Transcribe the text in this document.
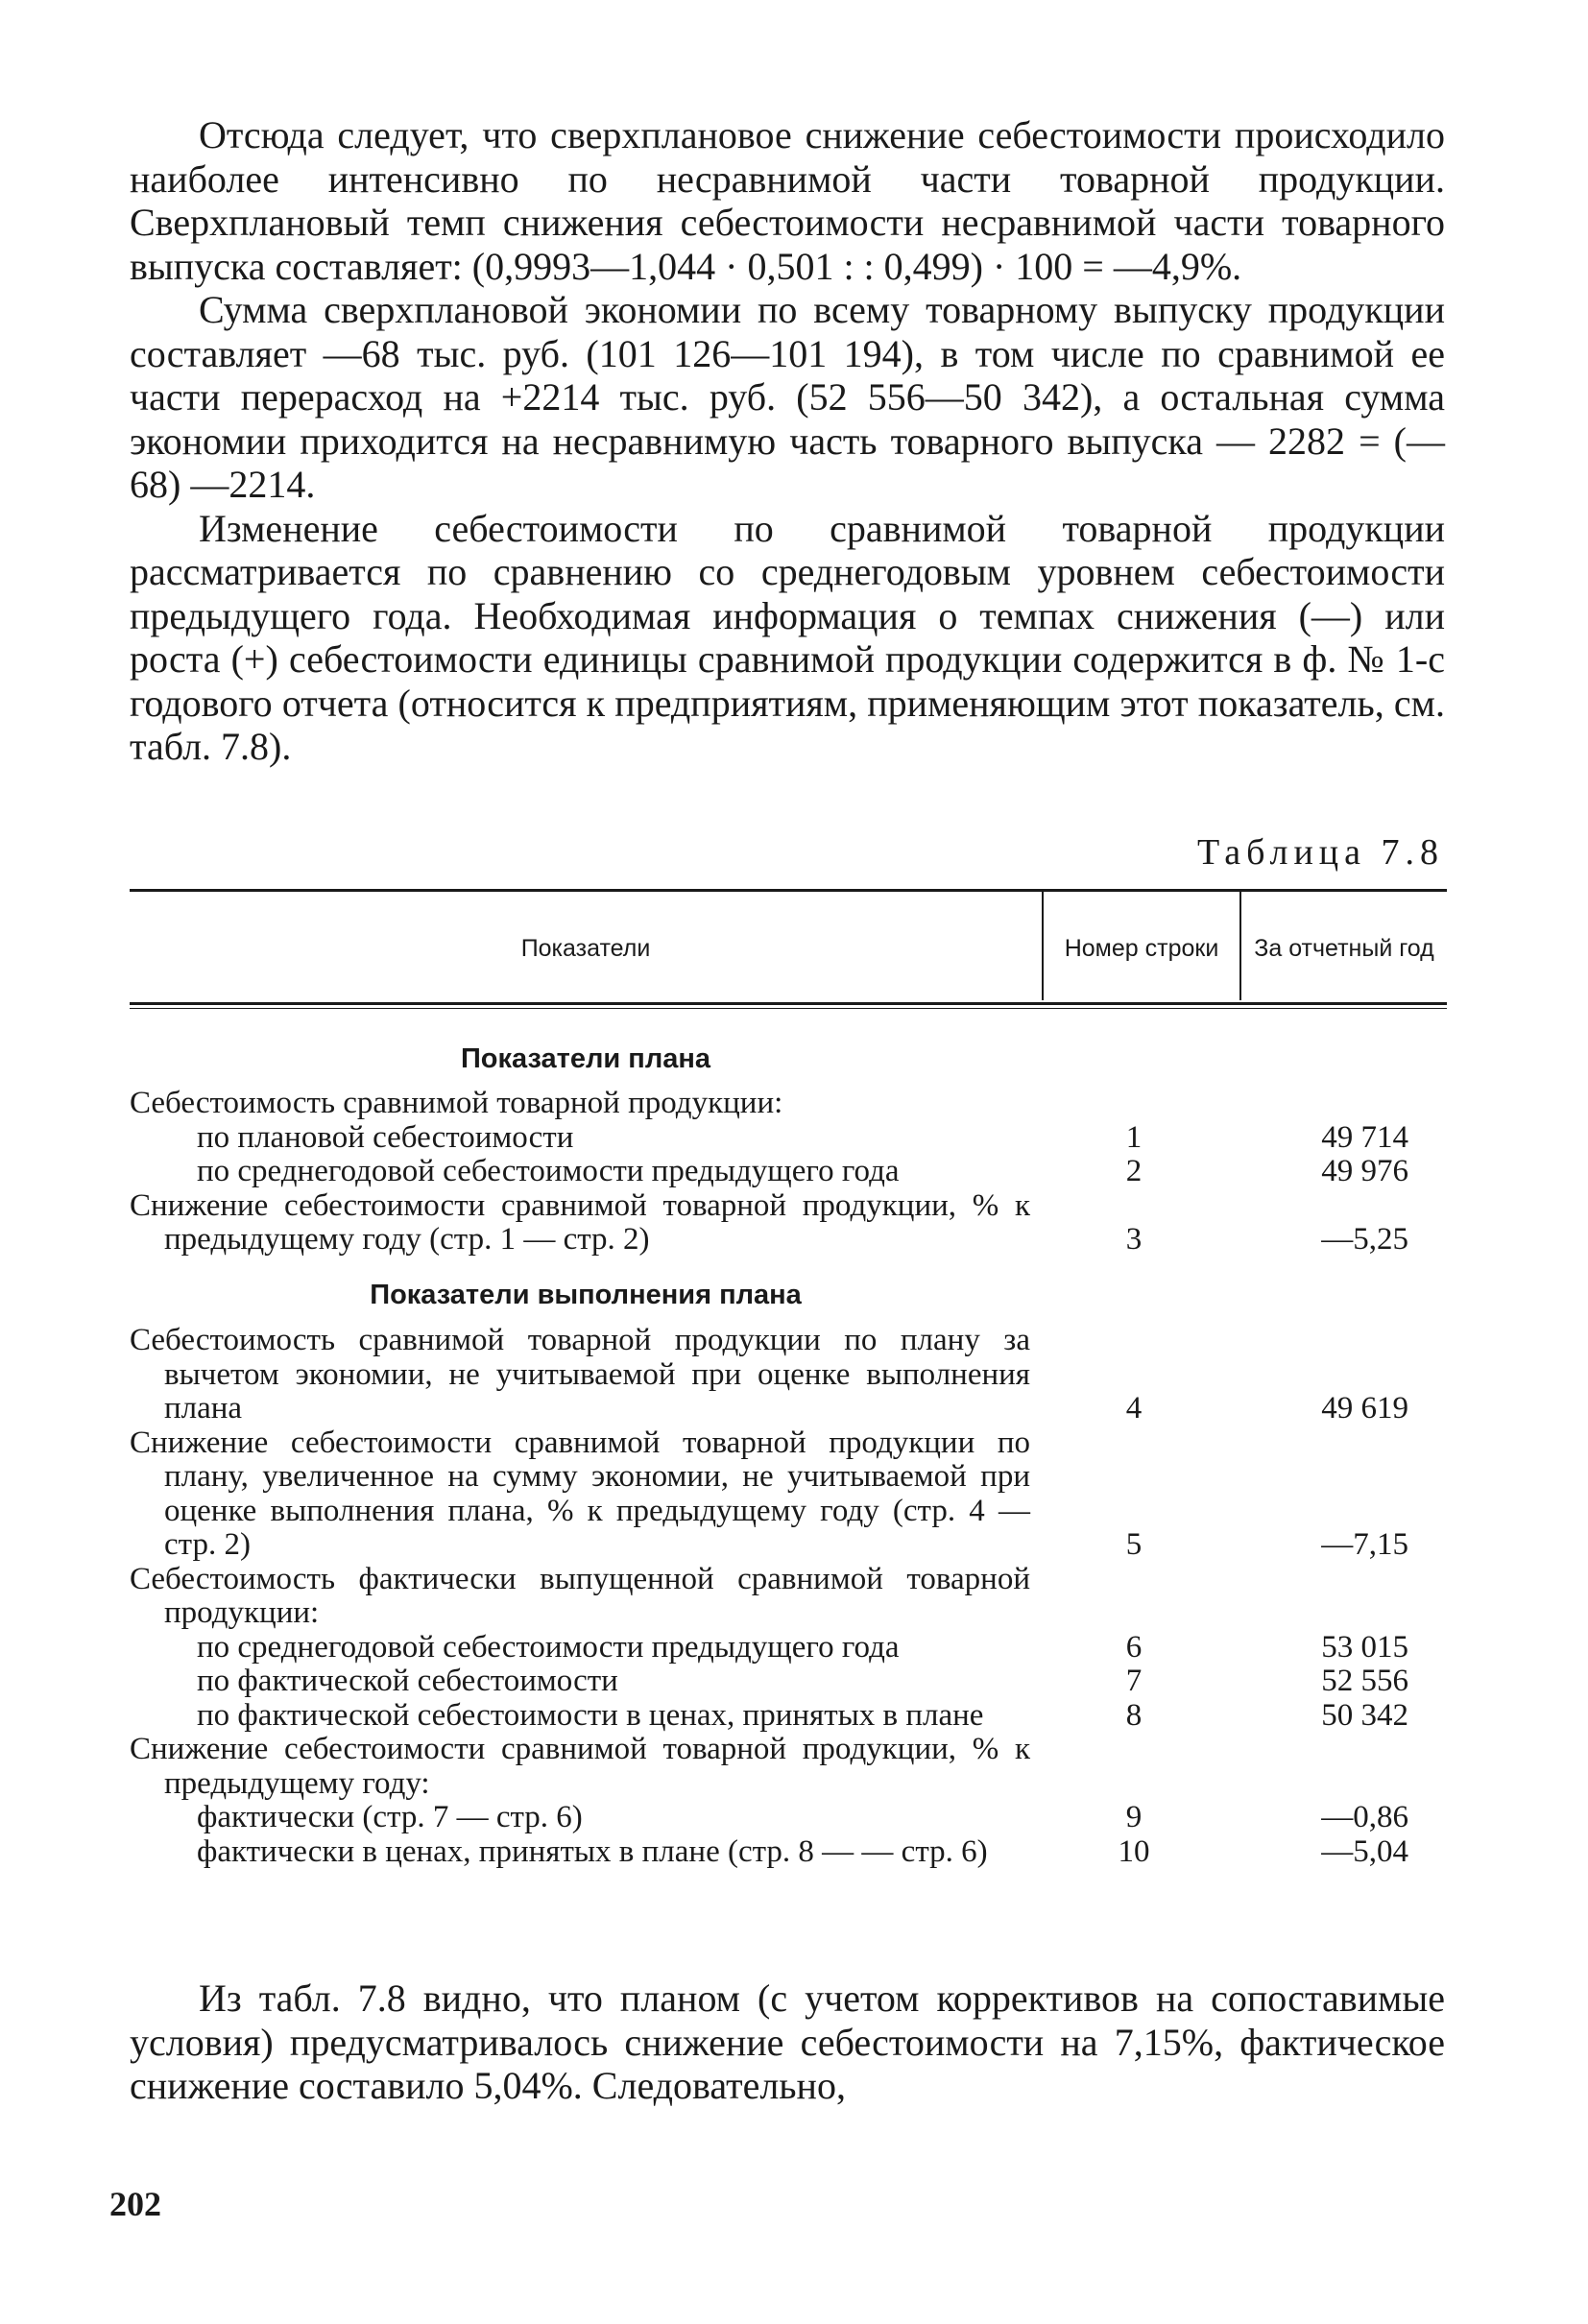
Отсюда следует, что сверхплановое снижение себестоимости происходило наиболее интенсивно по несравнимой части товарной продукции. Сверхплановый темп снижения себестоимости несравнимой части товарного выпуска составляет: (0,9993—1,044 · 0,501 : : 0,499) · 100 = —4,9%.

Сумма сверхплановой экономии по всему товарному выпуску продукции составляет —68 тыс. руб. (101 126—101 194), в том числе по сравнимой ее части перерасход на +2214 тыс. руб. (52 556—50 342), а остальная сумма экономии приходится на несравнимую часть товарного выпуска — 2282 = (—68) —2214.

Изменение себестоимости по сравнимой товарной продукции рассматривается по сравнению со среднегодовым уровнем себестоимости предыдущего года. Необходимая информация о темпах снижения (—) или роста (+) себестоимости единицы сравнимой продукции содержится в ф. № 1-с годового отчета (относится к предприятиям, применяющим этот показатель, см. табл. 7.8).

Таблица 7.8
Показатели	Номер строки	За отчетный год
Показатели плана
Себестоимость сравнимой товарной продукции:
по плановой себестоимости	1	49 714
по среднегодовой себестоимости предыдущего года	2	49 976
Снижение себестоимости сравнимой товарной продукции, % к предыдущему году (стр. 1 — стр. 2)	3	—5,25
Показатели выполнения плана
Себестоимость сравнимой товарной продукции по плану за вычетом экономии, не учитываемой при оценке выполнения плана	4	49 619
Снижение себестоимости сравнимой товарной продукции по плану, увеличенное на сумму экономии, не учитываемой при оценке выполнения плана, % к предыдущему году (стр. 4 — стр. 2)	5	—7,15
Себестоимость фактически выпущенной сравнимой товарной продукции:
по среднегодовой себестоимости предыдущего года	6	53 015
по фактической себестоимости	7	52 556
по фактической себестоимости в ценах, принятых в плане	8	50 342
Снижение себестоимости сравнимой товарной продукции, % к предыдущему году:
фактически (стр. 7 — стр. 6)	9	—0,86
фактически в ценах, принятых в плане (стр. 8 — — стр. 6)	10	—5,04

Из табл. 7.8 видно, что планом (с учетом коррективов на сопоставимые условия) предусматривалось снижение себестоимости на 7,15%, фактическое снижение составило 5,04%. Следовательно,

202
